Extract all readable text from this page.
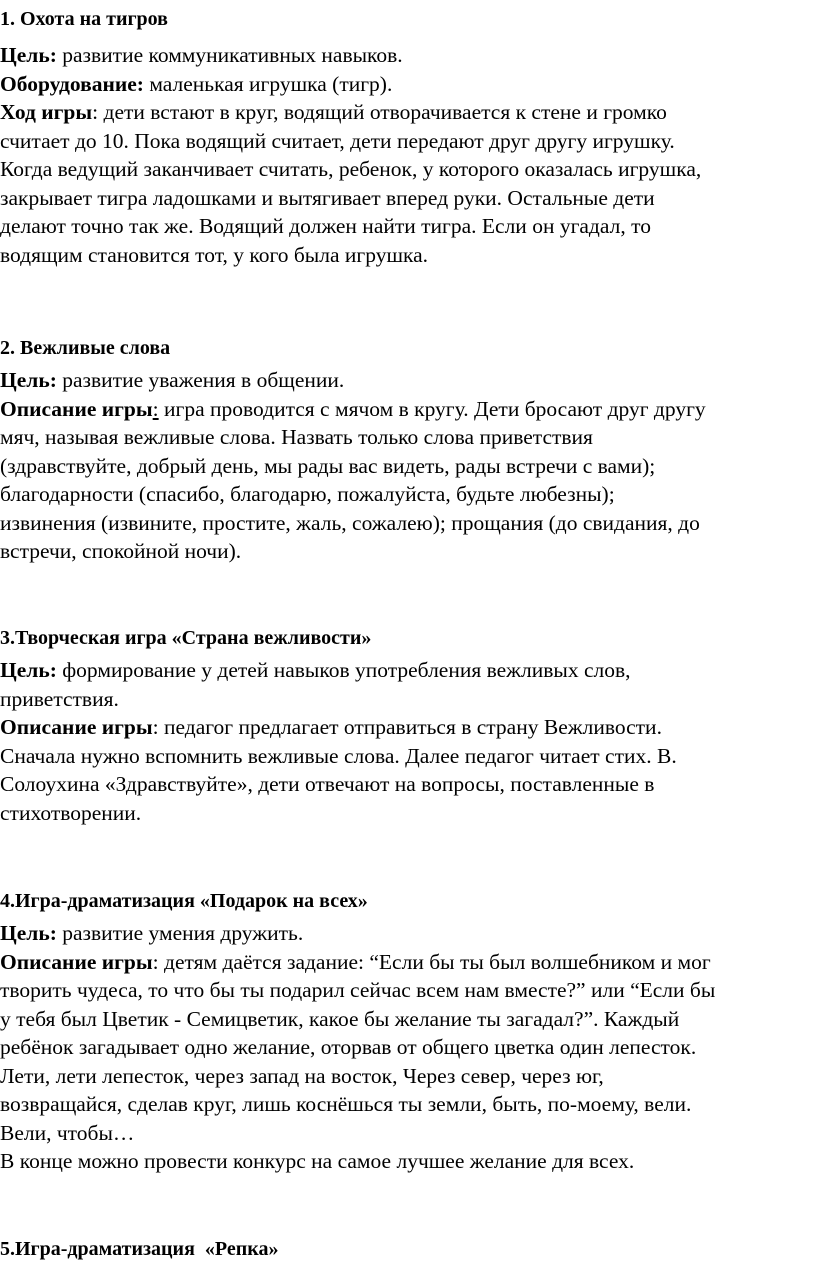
1. Охота на тигров

Цель: развитие коммуникативных навыков.

Оборудование: маленькая игрушка (тигр).

Ход игры: дети встают в круг, водящий отворачивается к стене и громко

считает до 10. Пока водящий считает, дети передают друг другу игрушку.

Когда ведущий заканчивает считать, ребенок, у которого оказалась игрушка,

закрывает тигра ладошками и вытягивает вперед руки. Остальные дети

делают точно так же. Водящий должен найти тигра. Если он угадал, то

водящим становится тот, у кого была игрушка.

2. Вежливые слова

Цель: развитие уважения в общении.

Описание игры: игра проводится с мячом в кругу. Дети бросают друг другу

мяч, называя вежливые слова. Назвать только слова приветствия

(здравствуйте, добрый день, мы рады вас видеть, рады встречи с вами);

благодарности (спасибо, благодарю, пожалуйста, будьте любезны);

извинения (извините, простите, жаль, сожалею); прощания (до свидания, до

встречи, спокойной ночи).

3.Творческая игра «Страна вежливости»

Цель: формирование у детей навыков употребления вежливых слов,

приветствия.

Описание игры: педагог предлагает отправиться в страну Вежливости.

Сначала нужно вспомнить вежливые слова. Далее педагог читает стих. В.

Солоухина «Здравствуйте», дети отвечают на вопросы, поставленные в

стихотворении.

4.Игра-драматизация «Подарок на всех»

Цель: развитие умения дружить.

Описание игры: детям даётся задание: “Если бы ты был волшебником и мог

творить чудеса, то что бы ты подарил сейчас всем нам вместе?” или “Если бы

у тебя был Цветик - Семицветик, какое бы желание ты загадал?”. Каждый

ребёнок загадывает одно желание, оторвав от общего цветка один лепесток.

Лети, лети лепесток, через запад на восток, Через север, через юг,

возвращайся, сделав круг, лишь коснёшься ты земли, быть, по-моему, вели.

Вели, чтобы…

В конце можно провести конкурс на самое лучшее желание для всех.

5.Игра-драматизация  «Репка»
